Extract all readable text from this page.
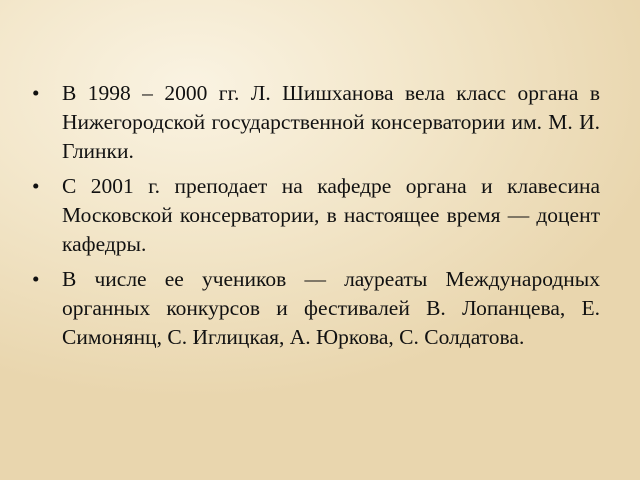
•	В 1998 – 2000 гг. Л. Шишханова вела класс органа в Нижегородской государственной консерватории им. М. И. Глинки.
•	С 2001 г. преподает на кафедре органа и клавесина Московской консерватории, в настоящее время — доцент кафедры.
•	В числе ее учеников — лауреаты Международных органных конкурсов и фестивалей В. Лопанцева, Е. Симонянц, С. Иглицкая, А. Юркова, С. Солдатова.
